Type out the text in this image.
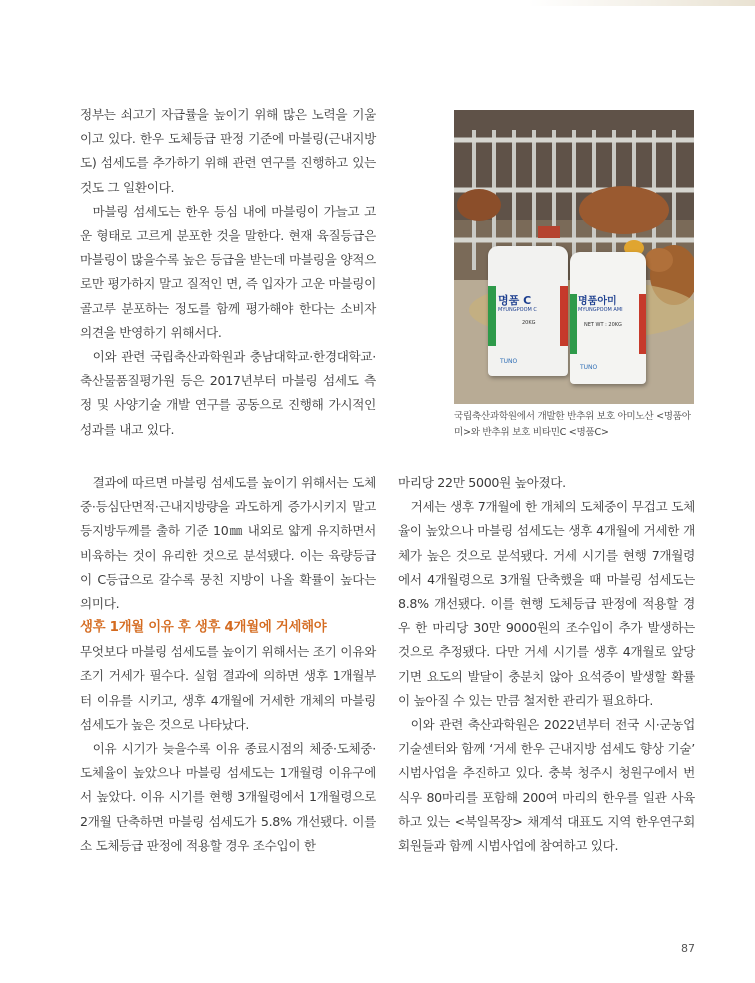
정부는 쇠고기 자급률을 높이기 위해 많은 노력을 기울이고 있다. 한우 도체등급 판정 기준에 마블링(근내지방도) 섬세도를 추가하기 위해 관련 연구를 진행하고 있는 것도 그 일환이다.

마블링 섬세도는 한우 등심 내에 마블링이 가늘고 고운 형태로 고르게 분포한 것을 말한다. 현재 육질등급은 마블링이 많을수록 높은 등급을 받는데 마블링을 양적으로만 평가하지 말고 질적인 면, 즉 입자가 고운 마블링이 골고루 분포하는 정도를 함께 평가해야 한다는 소비자 의견을 반영하기 위해서다.

이와 관련 국립축산과학원과 충남대학교·한경대학교·축산물품질평가원 등은 2017년부터 마블링 섬세도 측정 및 사양기술 개발 연구를 공동으로 진행해 가시적인 성과를 내고 있다.

명품 C
MYUNGPOOM C
20KG
TUNO
명품아미
MYUNGPOOM AMI
NET WT : 20KG
TUNO
국립축산과학원에서 개발한 반추위 보호 아미노산 <명품아미>와 반추위 보호 비타민C <명품C>

결과에 따르면 마블링 섬세도를 높이기 위해서는 도체중·등심단면적·근내지방량을 과도하게 증가시키지 말고 등지방두께를 출하 기준 10㎜ 내외로 얇게 유지하면서 비육하는 것이 유리한 것으로 분석됐다. 이는 육량등급이 C등급으로 갈수록 뭉친 지방이 나올 확률이 높다는 의미다.

생후 1개월 이유 후 생후 4개월에 거세해야

무엇보다 마블링 섬세도를 높이기 위해서는 조기 이유와 조기 거세가 필수다. 실험 결과에 의하면 생후 1개월부터 이유를 시키고, 생후 4개월에 거세한 개체의 마블링 섬세도가 높은 것으로 나타났다.

이유 시기가 늦을수록 이유 종료시점의 체중·도체중·도체율이 높았으나 마블링 섬세도는 1개월령 이유구에서 높았다. 이유 시기를 현행 3개월령에서 1개월령으로 2개월 단축하면 마블링 섬세도가 5.8% 개선됐다. 이를 소 도체등급 판정에 적용할 경우 조수입이 한

마리당 22만 5000원 높아졌다.

거세는 생후 7개월에 한 개체의 도체중이 무겁고 도체율이 높았으나 마블링 섬세도는 생후 4개월에 거세한 개체가 높은 것으로 분석됐다. 거세 시기를 현행 7개월령에서 4개월령으로 3개월 단축했을 때 마블링 섬세도는 8.8% 개선됐다. 이를 현행 도체등급 판정에 적용할 경우 한 마리당 30만 9000원의 조수입이 추가 발생하는 것으로 추정됐다. 다만 거세 시기를 생후 4개월로 앞당기면 요도의 발달이 충분치 않아 요석증이 발생할 확률이 높아질 수 있는 만큼 철저한 관리가 필요하다.

이와 관련 축산과학원은 2022년부터 전국 시·군농업기술센터와 함께 ‘거세 한우 근내지방 섬세도 향상 기술’ 시범사업을 추진하고 있다. 충북 청주시 청원구에서 번식우 80마리를 포함해 200여 마리의 한우를 일관 사육하고 있는 <북일목장> 채계석 대표도 지역 한우연구회 회원들과 함께 시범사업에 참여하고 있다.

87
